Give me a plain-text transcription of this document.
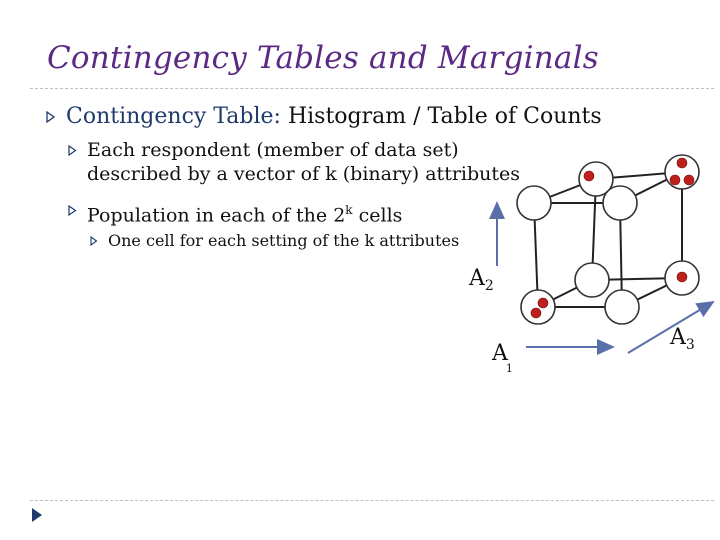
Contingency Tables and Marginals
Contingency Table: Histogram / Table of Counts
Each respondent (member of data set)
described by a vector of k (binary) attributes
Population in each of the 2$^k$ cells
One cell for each setting of the k attributes
$A_2$
A 1
$A_3$
